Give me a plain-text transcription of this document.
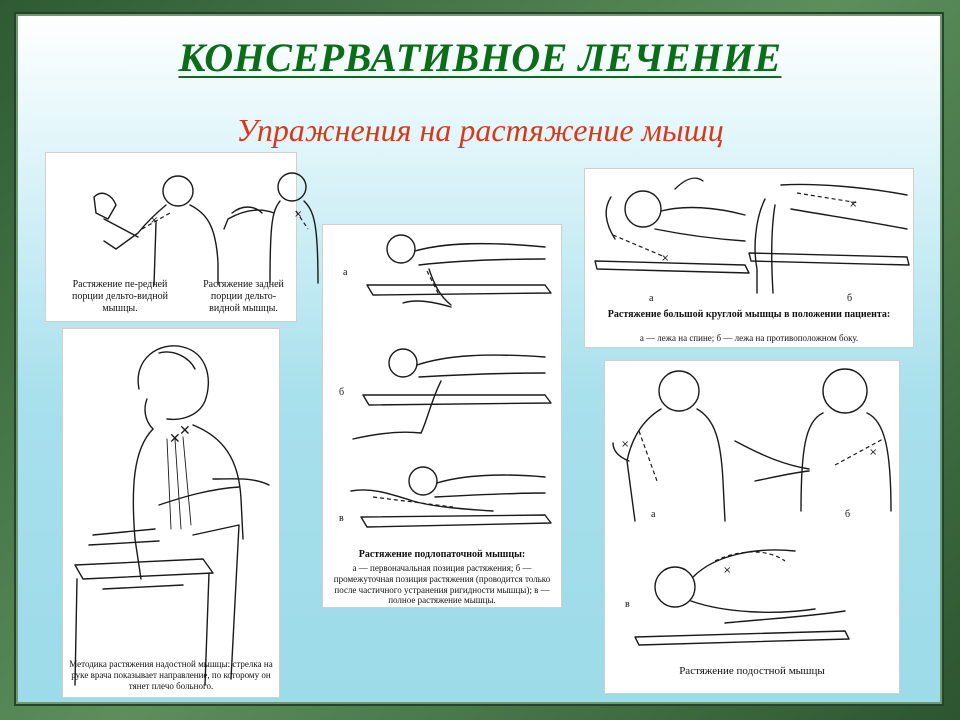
КОНСЕРВАТИВНОЕ ЛЕЧЕНИЕ
Упражнения на растяжение мышц
×
×
Растяжение пе-редней порции дельто-видной мышцы.
Растяжение задней порции дельто-видной мышцы.
✕
✕
Методика растяжения надостной мышцы: стрелка на руке врача показывает направление, по которому он тянет плечо больного.
а
б
в
Растяжение подлопаточной мышцы:
а — первоначальная позиция растяжения; б — промежуточная позиция растяжения (проводится только после частичного устранения ригидности мышцы); в — полное растяжение мышцы.
×
×
а	б
Растяжение большой круглой мышцы в положении пациента:
а — лежа на спине; б — лежа на противоположном боку.
×
×
×
а	б
в
Растяжение подостной мышцы
